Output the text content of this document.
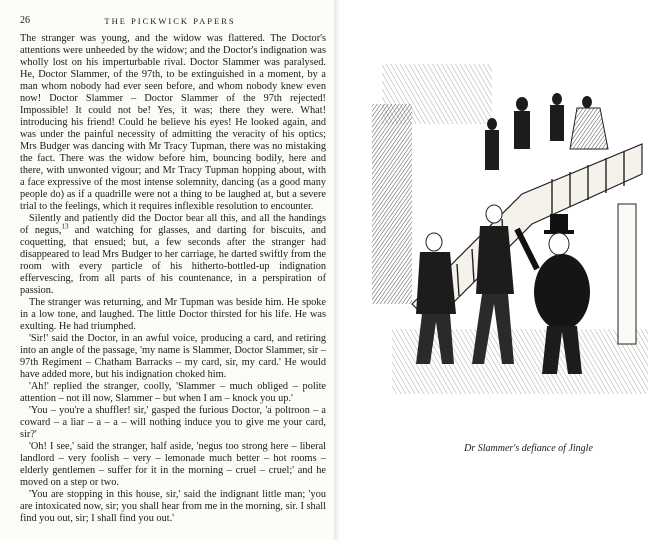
26	THE PICKWICK PAPERS

The stranger was young, and the widow was flattered. The Doctor's attentions were unheeded by the widow; and the Doctor's indignation was wholly lost on his imperturbable rival. Doctor Slammer was paralysed. He, Doctor Slammer, of the 97th, to be extinguished in a moment, by a man whom nobody had ever seen before, and whom nobody knew even now! Doctor Slammer – Doctor Slammer of the 97th rejected! Impossible! It could not be! Yes, it was; there they were. What! introducing his friend! Could he believe his eyes! He looked again, and was under the painful necessity of admitting the veracity of his optics; Mrs Budger was dancing with Mr Tracy Tupman, there was no mistaking the fact. There was the widow before him, bouncing bodily, here and there, with unwonted vigour; and Mr Tracy Tupman hopping about, with a face expressive of the most intense solemnity, dancing (as a good many people do) as if a quadrille were not a thing to be laughed at, but a severe trial to the feelings, which it requires inflexible resolution to encounter.

Silently and patiently did the Doctor bear all this, and all the handings of negus,$^{13}$ and watching for glasses, and darting for biscuits, and coquetting, that ensued; but, a few seconds after the stranger had disappeared to lead Mrs Budger to her carriage, he darted swiftly from the room with every particle of his hitherto-bottled-up indignation effervescing, from all parts of his countenance, in a perspiration of passion.

The stranger was returning, and Mr Tupman was beside him. He spoke in a low tone, and laughed. The little Doctor thirsted for his life. He was exulting. He had triumphed.

'Sir!' said the Doctor, in an awful voice, producing a card, and retiring into an angle of the passage, 'my name is Slammer, Doctor Slammer, sir – 97th Regiment – Chatham Barracks – my card, sir, my card.' He would have added more, but his indignation choked him.

'Ah!' replied the stranger, coolly, 'Slammer – much obliged – polite attention – not ill now, Slammer – but when I am – knock you up.'

'You – you're a shuffler! sir,' gasped the furious Doctor, 'a poltroon – a coward – a liar – a – a – will nothing induce you to give me your card, sir?'

'Oh! I see,' said the stranger, half aside, 'negus too strong here – liberal landlord – very foolish – very – lemonade much better – hot rooms – elderly gentlemen – suffer for it in the morning – cruel – cruel;' and he moved on a step or two.

'You are stopping in this house, sir,' said the indignant little man; 'you are intoxicated now, sir; you shall hear from me in the morning, sir. I shall find you out, sir; I shall find you out.'

Dr Slammer's defiance of Jingle
